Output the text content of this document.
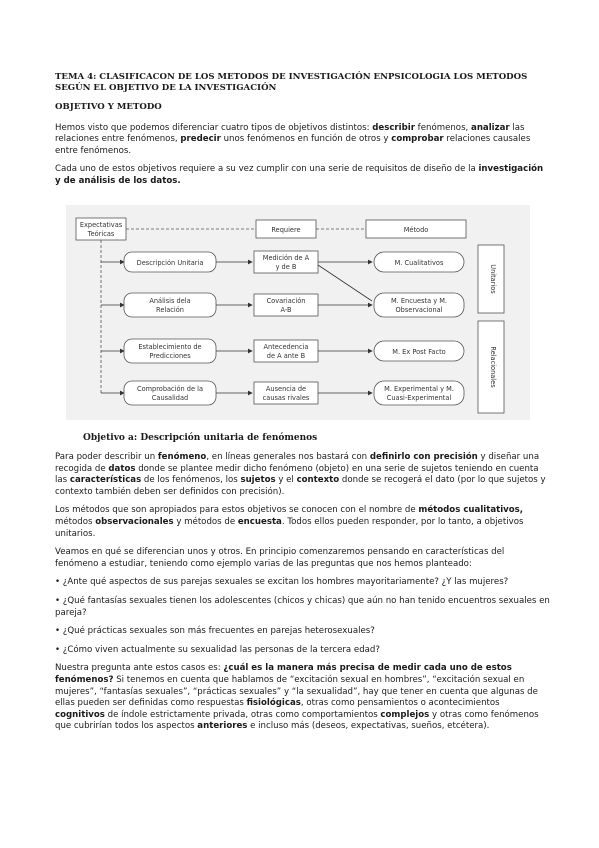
TEMA 4: CLASIFICACON DE LOS METODOS DE INVESTIGACIÓN ENPSICOLOGIA LOS METODOS SEGÚN EL OBJETIVO DE LA INVESTIGACIÓN
OBJETIVO Y METODO

Hemos visto que podemos diferenciar cuatro tipos de objetivos distintos: describir fenómenos, analizar las relaciones entre fenómenos, predecir unos fenómenos en función de otros y comprobar relaciones causales entre fenómenos.

Cada uno de estos objetivos requiere a su vez cumplir con una serie de requisitos de diseño de la investigación y de análisis de los datos.

Expectativas
Teóricas	Requiere	Método
Descripción Unitaria
Medición de A
y de B	M. Cualitativos
Análisis dela
Relación
Covariación
A-B
M. Encuesta y M.
Observacional
Establecimiento de
Predicciones
Antecedencia
de A ante B	M. Ex Post Facto
Comprobación de la
Causalidad
Ausencia de
causas rivales
M. Experimental y M.
Cuasi-Experimental
Unitarios
Relacionales
Objetivo a: Descripción unitaria de fenómenos

Para poder describir un fenómeno, en líneas generales nos bastará con definirlo con precisión y diseñar una recogida de datos donde se plantee medir dicho fenómeno (objeto) en una serie de sujetos teniendo en cuenta las características de los fenómenos, los sujetos y el contexto donde se recogerá el dato (por lo que sujetos y contexto también deben ser definidos con precisión).

Los métodos que son apropiados para estos objetivos se conocen con el nombre de métodos cualitativos, métodos observacionales y métodos de encuesta. Todos ellos pueden responder, por lo tanto, a objetivos unitarios.

Veamos en qué se diferencian unos y otros. En principio comenzaremos pensando en características del fenómeno a estudiar, teniendo como ejemplo varias de las preguntas que nos hemos planteado:

• ¿Ante qué aspectos de sus parejas sexuales se excitan los hombres mayoritariamente? ¿Y las mujeres?

• ¿Qué fantasías sexuales tienen los adolescentes (chicos y chicas) que aún no han tenido encuentros sexuales en pareja?

• ¿Qué prácticas sexuales son más frecuentes en parejas heterosexuales?

• ¿Cómo viven actualmente su sexualidad las personas de la tercera edad?

Nuestra pregunta ante estos casos es: ¿cuál es la manera más precisa de medir cada uno de estos fenómenos? Si tenemos en cuenta que hablamos de “excitación sexual en hombres”, “excitación sexual en mujeres”, “fantasías sexuales”, “prácticas sexuales” y “la sexualidad”, hay que tener en cuenta que algunas de ellas pueden ser definidas como respuestas fisiológicas, otras como pensamientos o acontecimientos cognitivos de índole estrictamente privada, otras como comportamientos complejos y otras como fenómenos que cubrirían todos los aspectos anteriores e incluso más (deseos, expectativas, sueños, etcétera).
